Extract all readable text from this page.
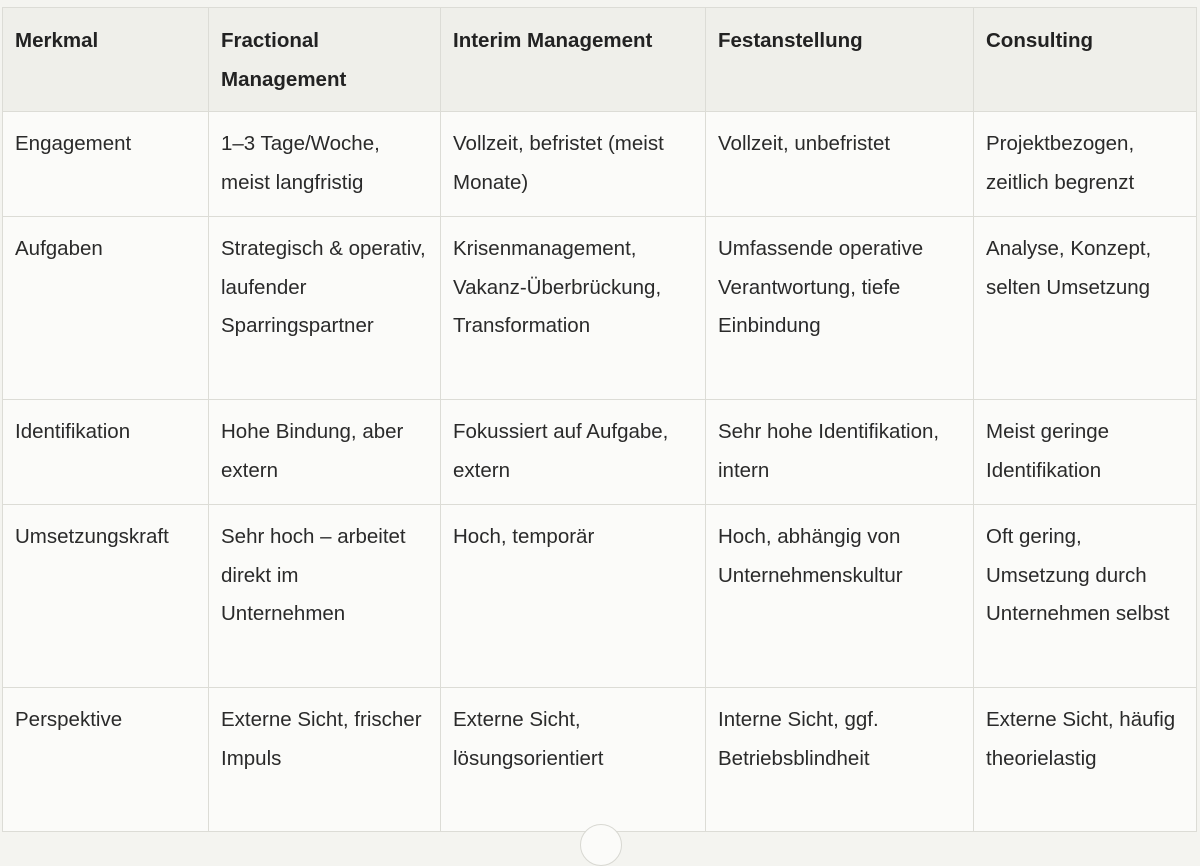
Merkmal	Fractional Management	Interim Management	Festanstellung	Consulting
Engagement	1–3 Tage/Woche, meist langfristig	Vollzeit, befristet (meist Monate)	Vollzeit, unbefristet	Projektbezogen, zeitlich begrenzt
Aufgaben	Strategisch & operativ, laufender Sparringspartner	Krisenmanagement, Vakanz-Überbrückung, Transformation	Umfassende operative Verantwortung, tiefe Einbindung	Analyse, Konzept, selten Umsetzung
Identifikation	Hohe Bindung, aber extern	Fokussiert auf Aufgabe, extern	Sehr hohe Identifikation, intern	Meist geringe Identifikation
Umsetzungskraft	Sehr hoch – arbeitet direkt im Unternehmen	Hoch, temporär	Hoch, abhängig von Unternehmenskultur	Oft gering, Umsetzung durch Unternehmen selbst
Perspektive	Externe Sicht, frischer Impuls	Externe Sicht, lösungsorientiert	Interne Sicht, ggf. Betriebsblindheit	Externe Sicht, häufig theorielastig
